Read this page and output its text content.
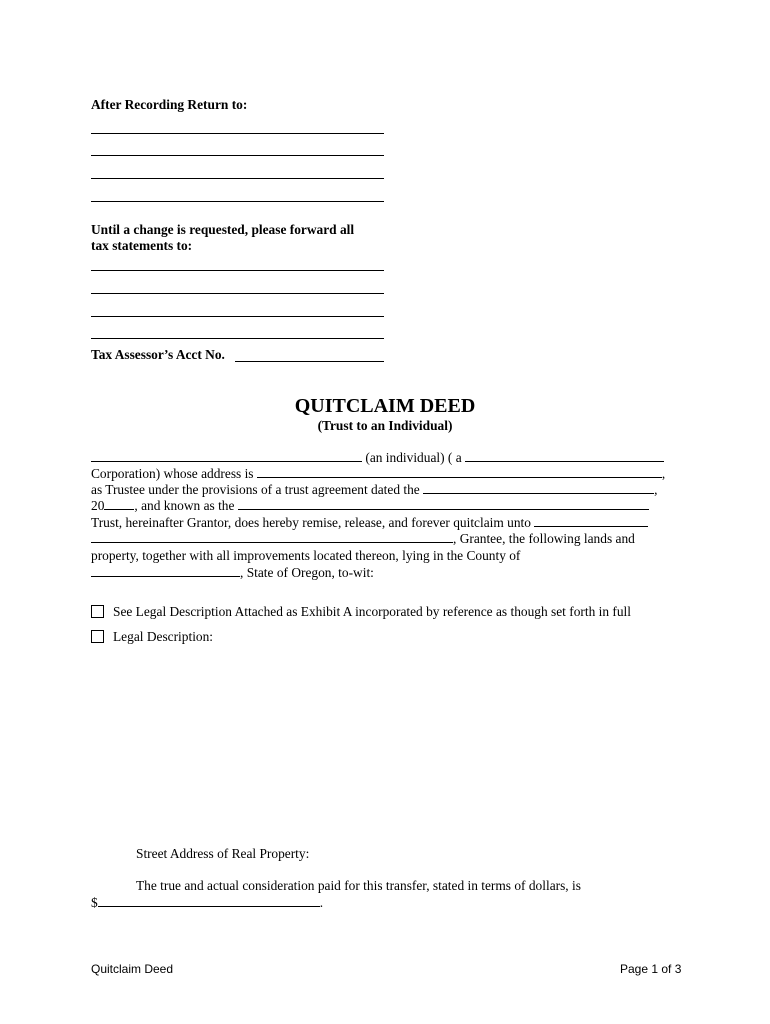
After Recording Return to:
Until a change is requested, please forward all
tax statements to:
Tax Assessor’s Acct No.
QUITCLAIM DEED
(Trust to an Individual)
(an individual) ( a
Corporation) whose address is	,
as Trustee under the provisions of a trust agreement dated the	,
20 , and known as the
Trust, hereinafter Grantor, does hereby remise, release, and forever quitclaim unto
, Grantee, the following lands and
property, together with all improvements located thereon, lying in the County of
, State of Oregon, to-wit:
See Legal Description Attached as Exhibit A incorporated by reference as though set forth in full
Legal Description:
Street Address of Real Property:
The true and actual consideration paid for this transfer, stated in terms of dollars, is
$	.
Quitclaim Deed	Page 1 of 3
